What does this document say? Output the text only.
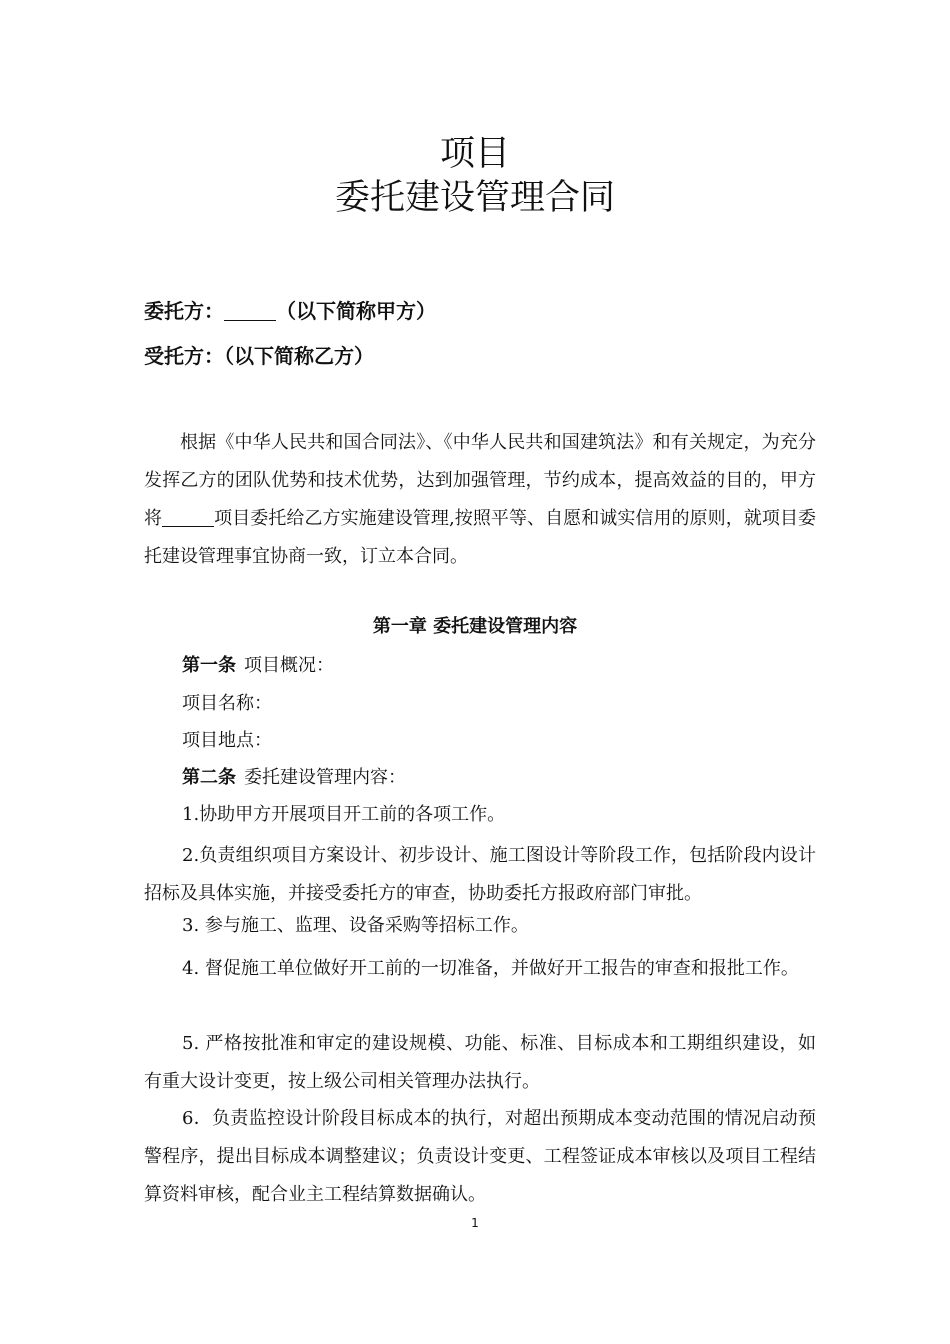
项目
委托建设管理合同
委托方：	（以下简称甲方）
受托方：（以下简称乙方）
根据《中华人民共和国合同法》、《中华人民共和国建筑法》和有关规定，为充分发挥乙方的团队优势和技术优势，达到加强管理，节约成本，提高效益的目的，甲方将	项目委托给乙方实施建设管理,按照平等、自愿和诚实信用的原则，就项目委托建设管理事宜协商一致，订立本合同。
第一章 委托建设管理内容
第一条 项目概况：
项目名称：
项目地点：
第二条 委托建设管理内容：
1.协助甲方开展项目开工前的各项工作。
2.负责组织项目方案设计、初步设计、施工图设计等阶段工作，包括阶段内设计招标及具体实施，并接受委托方的审查，协助委托方报政府部门审批。
3. 参与施工、监理、设备采购等招标工作。
4. 督促施工单位做好开工前的一切准备，并做好开工报告的审查和报批工作。
5. 严格按批准和审定的建设规模、功能、标准、目标成本和工期组织建设，如有重大设计变更，按上级公司相关管理办法执行。
6．负责监控设计阶段目标成本的执行，对超出预期成本变动范围的情况启动预警程序，提出目标成本调整建议；负责设计变更、工程签证成本审核以及项目工程结算资料审核，配合业主工程结算数据确认。
1
